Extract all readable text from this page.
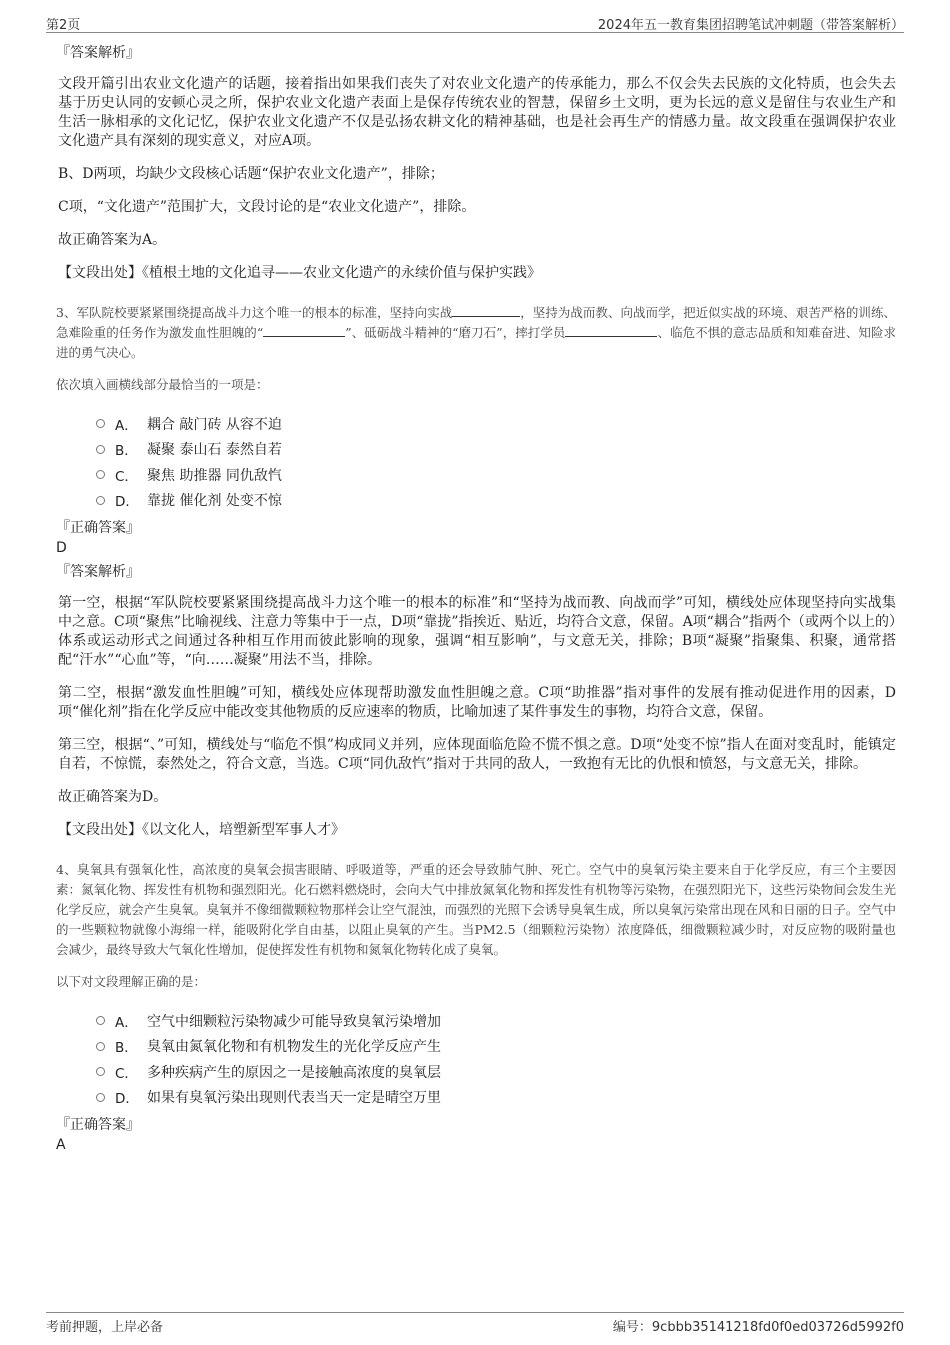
第2页	2024年五一教育集团招聘笔试冲刺题（带答案解析）
『答案解析』
文段开篇引出农业文化遗产的话题，接着指出如果我们丧失了对农业文化遗产的传承能力，那么不仅会失去民族的文化特质，也会失去基于历史认同的安顿心灵之所，保护农业文化遗产表面上是保存传统农业的智慧，保留乡土文明，更为长远的意义是留住与农业生产和生活一脉相承的文化记忆，保护农业文化遗产不仅是弘扬农耕文化的精神基础，也是社会再生产的情感力量。故文段重在强调保护农业文化遗产具有深刻的现实意义，对应A项。
B、D两项，均缺少文段核心话题“保护农业文化遗产”，排除；
C项，“文化遗产”范围扩大，文段讨论的是“农业文化遗产”，排除。
故正确答案为A。
【文段出处】《植根土地的文化追寻——农业文化遗产的永续价值与保护实践》
3、军队院校要紧紧围绕提高战斗力这个唯一的根本的标准，坚持向实战	，坚持为战而教、向战而学，把近似实战的环境、艰苦严格的训练、急难险重的任务作为激发血性胆魄的“	”、砥砺战斗精神的“磨刀石”，摔打学员	、临危不惧的意志品质和知难奋进、知险求进的勇气决心。
依次填入画横线部分最恰当的一项是：
A． 耦合 敲门砖 从容不迫
B． 凝聚 泰山石 泰然自若
C． 聚焦 助推器 同仇敌忾
D． 靠拢 催化剂 处变不惊
『正确答案』
D
『答案解析』
第一空，根据“军队院校要紧紧围绕提高战斗力这个唯一的根本的标准”和“坚持为战而教、向战而学”可知，横线处应体现坚持向实战集中之意。C项“聚焦”比喻视线、注意力等集中于一点，D项“靠拢”指挨近、贴近，均符合文意，保留。A项“耦合”指两个（或两个以上的）体系或运动形式之间通过各种相互作用而彼此影响的现象，强调“相互影响”，与文意无关，排除；B项“凝聚”指聚集、积聚，通常搭配“汗水”“心血”等，“向……凝聚”用法不当，排除。
第二空，根据“激发血性胆魄”可知，横线处应体现帮助激发血性胆魄之意。C项“助推器”指对事件的发展有推动促进作用的因素，D项“催化剂”指在化学反应中能改变其他物质的反应速率的物质，比喻加速了某件事发生的事物，均符合文意，保留。
第三空，根据“、”可知，横线处与“临危不惧”构成同义并列，应体现面临危险不慌不惧之意。D项“处变不惊”指人在面对变乱时，能镇定自若，不惊慌，泰然处之，符合文意，当选。C项“同仇敌忾”指对于共同的敌人，一致抱有无比的仇恨和愤怒，与文意无关，排除。
故正确答案为D。
【文段出处】《以文化人，培塑新型军事人才》
4、臭氧具有强氧化性，高浓度的臭氧会损害眼睛、呼吸道等，严重的还会导致肺气肿、死亡。空气中的臭氧污染主要来自于化学反应，有三个主要因素：氮氧化物、挥发性有机物和强烈阳光。化石燃料燃烧时，会向大气中排放氮氧化物和挥发性有机物等污染物，在强烈阳光下，这些污染物间会发生光化学反应，就会产生臭氧。臭氧并不像细微颗粒物那样会让空气混浊，而强烈的光照下会诱导臭氧生成，所以臭氧污染常出现在风和日丽的日子。空气中的一些颗粒物就像小海绵一样，能吸附化学自由基，以阻止臭氧的产生。当PM2.5（细颗粒污染物）浓度降低，细微颗粒减少时，对反应物的吸附量也会减少，最终导致大气氧化性增加，促使挥发性有机物和氮氧化物转化成了臭氧。
以下对文段理解正确的是：
A． 空气中细颗粒污染物减少可能导致臭氧污染增加
B． 臭氧由氮氧化物和有机物发生的光化学反应产生
C． 多种疾病产生的原因之一是接触高浓度的臭氧层
D． 如果有臭氧污染出现则代表当天一定是晴空万里
『正确答案』
A
考前押题，上岸必备	编号：9cbbb35141218fd0f0ed03726d5992f0
